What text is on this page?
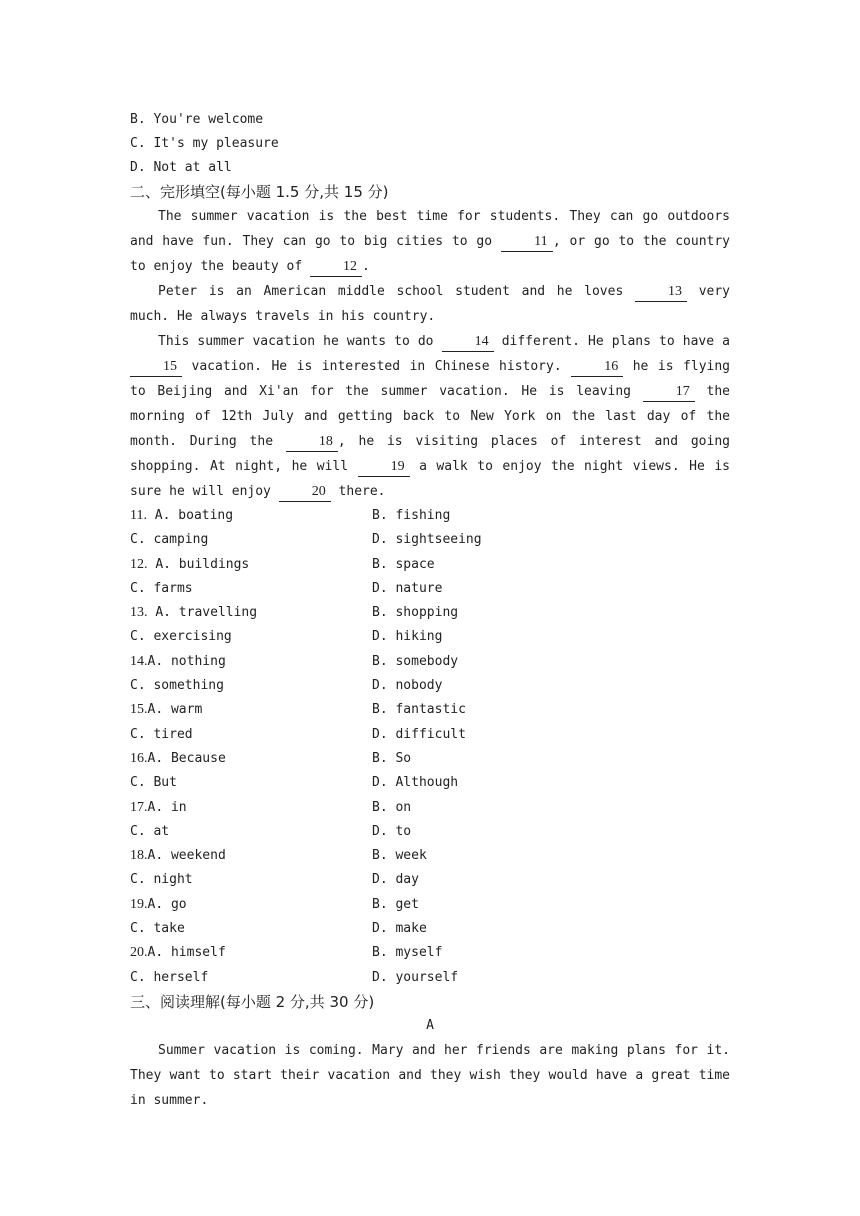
B. You're welcome
C. It's my pleasure
D. Not at all
二、完形填空(每小题 1.5 分,共 15 分)

The summer vacation is the best time for students. They can go outdoors and have fun. They can go to big cities to go 11 , or go to the country to enjoy the beauty of 12 .

Peter is an American middle school student and he loves 13 very much. He always travels in his country.

This summer vacation he wants to do 14 different. He plans to have a 15 vacation. He is interested in Chinese history. 16 he is flying to Beijing and Xi'an for the summer vacation. He is leaving 17 the morning of 12th July and getting back to New York on the last day of the month. During the 18 , he is visiting places of interest and going shopping. At night, he will 19 a walk to enjoy the night views. He is sure he will enjoy 20 there.

11. A. boating	B. fishing
C. camping	D. sightseeing
12. A. buildings	B. space
C. farms	D. nature
13. A. travelling	B. shopping
C. exercising	D. hiking
14.A. nothing	B. somebody
C. something	D. nobody
15.A. warm	B. fantastic
C. tired	D. difficult
16.A. Because	B. So
C. But	D. Although
17.A. in	B. on
C. at	D. to
18.A. weekend	B. week
C. night	D. day
19.A. go	B. get
C. take	D. make
20.A. himself	B. myself
C. herself	D. yourself
三、阅读理解(每小题 2 分,共 30 分)
A

Summer vacation is coming. Mary and her friends are making plans for it. They want to start their vacation and they wish they would have a great time in summer.
